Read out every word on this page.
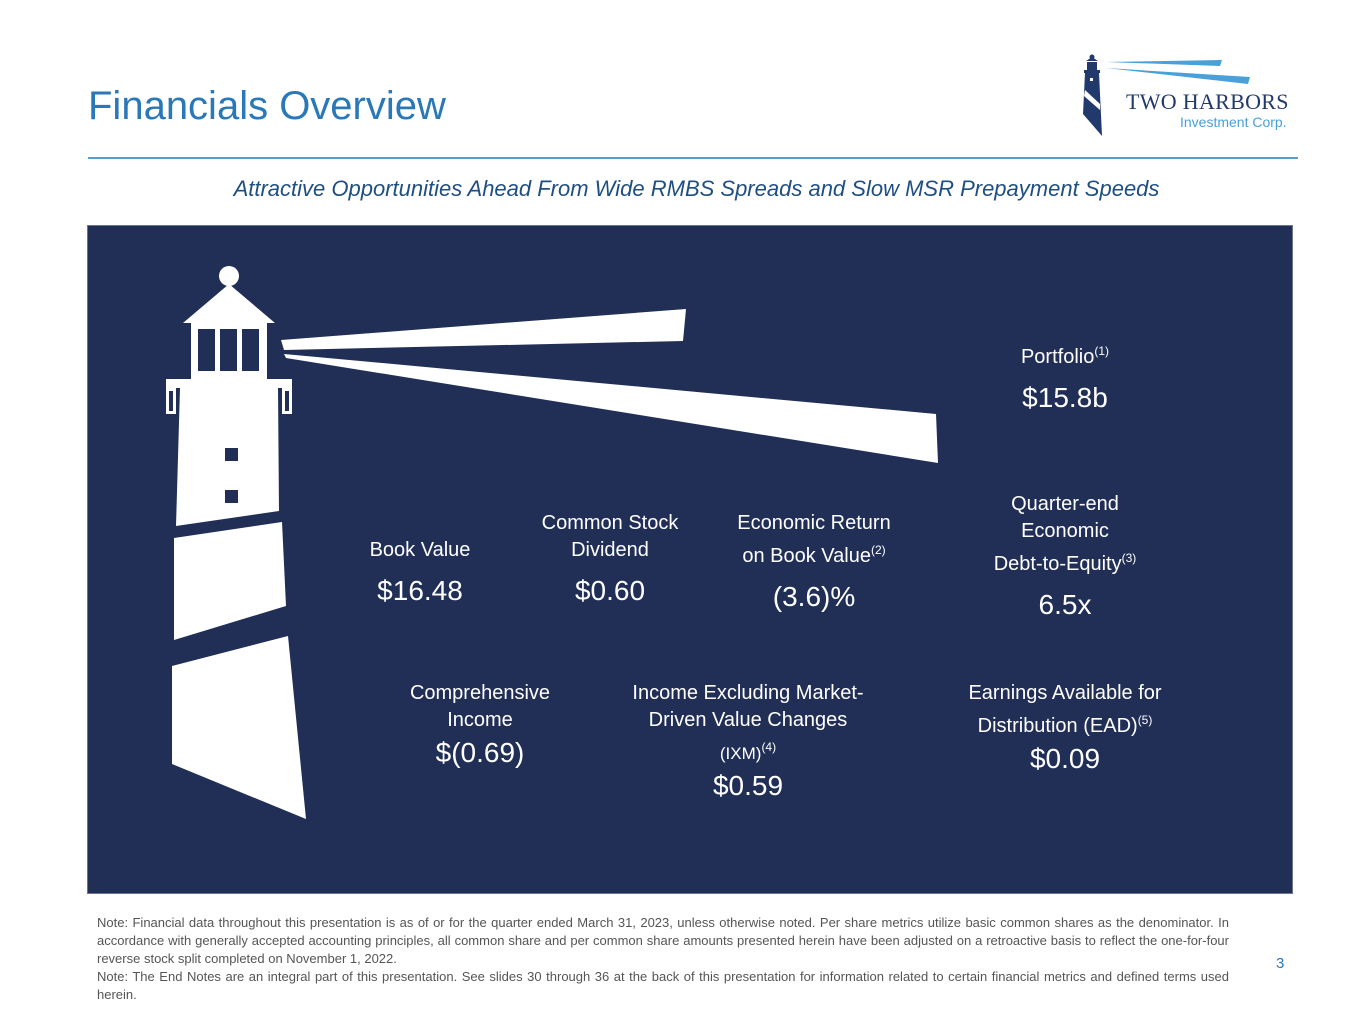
Financials Overview	TWO HARBORS
Investment Corp.
Attractive Opportunities Ahead From Wide RMBS Spreads and Slow MSR Prepayment Speeds
Portfolio$^{(1)}$
$15.8b
Book Value
$16.48
Common Stock
Dividend
$0.60
Economic Return
on Book Value$^{(2)}$
(3.6)%
Quarter-end
Economic
Debt-to-Equity$^{(3)}$
6.5x
Comprehensive
Income
$(0.69)
Income Excluding Market-
Driven Value Changes
(IXM)$^{(4)}$
$0.59
Earnings Available for
Distribution (EAD)$^{(5)}$
$0.09
Note: Financial data throughout this presentation is as of or for the quarter ended March 31, 2023, unless otherwise noted. Per share metrics utilize basic common shares as the denominator. In accordance with generally accepted accounting principles, all common share and per common share amounts presented herein have been adjusted on a retroactive basis to reflect the one-for-four reverse stock split completed on November 1, 2022.
Note: The End Notes are an integral part of this presentation. See slides 30 through 36 at the back of this presentation for information related to certain financial metrics and defined terms used herein.
3
